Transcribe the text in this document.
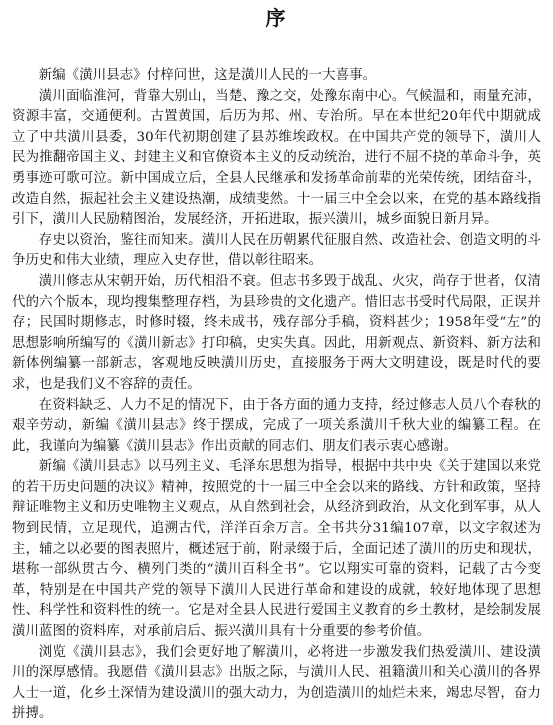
序

新编《潢川县志》付梓问世，这是潢川人民的一大喜事。

潢川面临淮河，背靠大别山，当楚、豫之交，处豫东南中心。气候温和，雨量充沛，资源丰富，交通便利。古置黄国，后历为邦、州、专治所。早在本世纪20年代中期就成立了中共潢川县委，30年代初期创建了县苏维埃政权。在中国共产党的领导下，潢川人民为推翻帝国主义、封建主义和官僚资本主义的反动统治，进行不屈不挠的革命斗争，英勇事迹可歌可泣。新中国成立后，全县人民继承和发扬革命前辈的光荣传统，团结奋斗，改造自然，振起社会主义建设热潮，成绩斐然。十一届三中全会以来，在党的基本路线指引下，潢川人民励精图治，发展经济，开拓进取，振兴潢川，城乡面貌日新月异。

存史以资治，鉴往而知来。潢川人民在历朝累代征服自然、改造社会、创造文明的斗争历史和伟大业绩，理应入史存世，借以彰往昭来。

潢川修志从宋朝开始，历代相沿不衰。但志书多毁于战乱、火灾，尚存于世者，仅清代的六个版本，现均搜集整理存档，为县珍贵的文化遗产。惜旧志书受时代局限，正误并存；民国时期修志，时修时辍，终未成书，残存部分手稿，资料甚少；1958年受“左”的思想影响所编写的《潢川新志》打印稿，史实失真。因此，用新观点、新资料、新方法和新体例编纂一部新志，客观地反映潢川历史，直接服务于两大文明建设，既是时代的要求，也是我们义不容辞的责任。

在资料缺乏、人力不足的情况下，由于各方面的通力支持，经过修志人员八个春秋的艰辛劳动，新编《潢川县志》终于摆成，完成了一项关系潢川千秋大业的编纂工程。在此，我谨向为编纂《潢川县志》作出贡献的同志们、朋友们表示衷心感谢。

新编《潢川县志》以马列主义、毛泽东思想为指导，根据中共中央《关于建国以来党的若干历史问题的决议》精神，按照党的十一届三中全会以来的路线、方针和政策，坚持辩证唯物主义和历史唯物主义观点，从自然到社会，从经济到政治，从文化到军事，从人物到民情，立足现代，追溯古代，洋洋百余万言。全书共分31编107章，以文字叙述为主，辅之以必要的图表照片，概述冠于前，附录缀于后，全面记述了潢川的历史和现状，堪称一部纵贯古今、横列门类的“潢川百科全书”。它以翔实可靠的资料，记载了古今变革，特别是在中国共产党的领导下潢川人民进行革命和建设的成就，较好地体现了思想性、科学性和资料性的统一。它是对全县人民进行爱国主义教育的乡土教材，是绘制发展潢川蓝图的资料库，对承前启后、振兴潢川具有十分重要的参考价值。

浏览《潢川县志》，我们会更好地了解潢川，必将进一步激发我们热爱潢川、建设潢川的深厚感情。我愿借《潢川县志》出版之际，与潢川人民、祖籍潢川和关心潢川的各界人士一道，化乡土深情为建设潢川的强大动力，为创造潢川的灿烂未来，竭忠尽智，奋力拼搏。
